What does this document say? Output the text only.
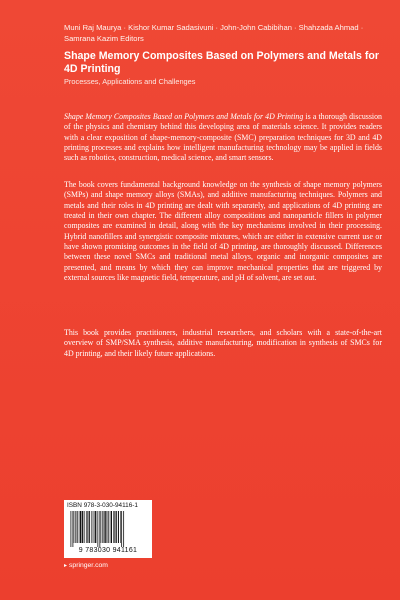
Muni Raj Maurya · Kishor Kumar Sadasivuni · John-John Cabibihan · Shahzada Ahmad · Samrana Kazim Editors
Shape Memory Composites Based on Polymers and Metals for 4D Printing
Processes, Applications and Challenges

Shape Memory Composites Based on Polymers and Metals for 4D Printing is a thorough discussion of the physics and chemistry behind this developing area of materials science. It provides readers with a clear exposition of shape-memory-composite (SMC) preparation techniques for 3D and 4D printing processes and explains how intelligent manufacturing technology may be applied in fields such as robotics, construction, medical science, and smart sensors.

The book covers fundamental background knowledge on the synthesis of shape memory polymers (SMPs) and shape memory alloys (SMAs), and additive manufacturing techniques. Polymers and metals and their roles in 4D printing are dealt with separately, and applications of 4D printing are treated in their own chapter. The different alloy compositions and nanoparticle fillers in polymer composites are examined in detail, along with the key mechanisms involved in their processing. Hybrid nanofillers and synergistic composite mixtures, which are either in extensive current use or have shown promising outcomes in the field of 4D printing, are thoroughly discussed. Differences between these novel SMCs and traditional metal alloys, organic and inorganic composites are presented, and means by which they can improve mechanical properties that are triggered by external sources like magnetic field, temperature, and pH of solvent, are set out.

This book provides practitioners, industrial researchers, and scholars with a state-of-the-art overview of SMP/SMA synthesis, additive manufacturing, modification in synthesis of SMCs for 4D printing, and their likely future applications.

ISBN 978-3-030-94116-1
9 783030 941161
▸ springer.com
